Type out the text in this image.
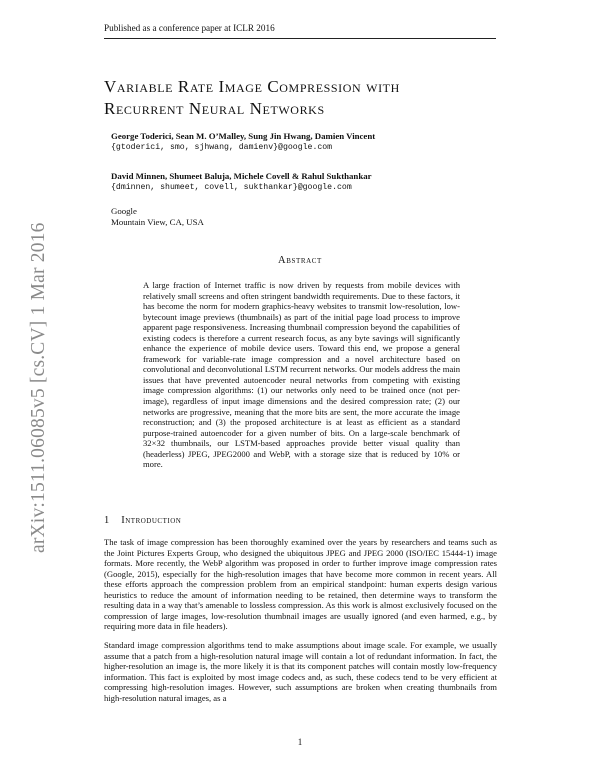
Published as a conference paper at ICLR 2016
arXiv:1511.06085v5 [cs.CV] 1 Mar 2016
Variable Rate Image Compression with
Recurrent Neural Networks
George Toderici, Sean M. O’Malley, Sung Jin Hwang, Damien Vincent
{gtoderici, smo, sjhwang, damienv}@google.com
David Minnen, Shumeet Baluja, Michele Covell & Rahul Sukthankar
{dminnen, shumeet, covell, sukthankar}@google.com
Google
Mountain View, CA, USA
Abstract
A large fraction of Internet traffic is now driven by requests from mobile devices with relatively small screens and often stringent bandwidth requirements. Due to these factors, it has become the norm for modern graphics-heavy websites to transmit low-resolution, low-bytecount image previews (thumbnails) as part of the initial page load process to improve apparent page responsiveness. Increasing thumbnail compression beyond the capabilities of existing codecs is therefore a current research focus, as any byte savings will significantly enhance the experience of mobile device users. Toward this end, we propose a general framework for variable-rate image compression and a novel architecture based on convolutional and deconvolutional LSTM recurrent networks. Our models address the main issues that have prevented autoencoder neural networks from competing with existing image compression algorithms: (1) our networks only need to be trained once (not per-image), regardless of input image dimensions and the desired compression rate; (2) our networks are progressive, meaning that the more bits are sent, the more accurate the image reconstruction; and (3) the proposed architecture is at least as efficient as a standard purpose-trained autoencoder for a given number of bits. On a large-scale benchmark of 32×32 thumbnails, our LSTM-based approaches provide better visual quality than (headerless) JPEG, JPEG2000 and WebP, with a storage size that is reduced by 10% or more.
1 Introduction
The task of image compression has been thoroughly examined over the years by researchers and teams such as the Joint Pictures Experts Group, who designed the ubiquitous JPEG and JPEG 2000 (ISO/IEC 15444-1) image formats. More recently, the WebP algorithm was proposed in order to further improve image compression rates (Google, 2015), especially for the high-resolution images that have become more common in recent years. All these efforts approach the compression problem from an empirical standpoint: human experts design various heuristics to reduce the amount of information needing to be retained, then determine ways to transform the resulting data in a way that’s amenable to lossless compression. As this work is almost exclusively focused on the compression of large images, low-resolution thumbnail images are usually ignored (and even harmed, e.g., by requiring more data in file headers).
Standard image compression algorithms tend to make assumptions about image scale. For example, we usually assume that a patch from a high-resolution natural image will contain a lot of redundant information. In fact, the higher-resolution an image is, the more likely it is that its component patches will contain mostly low-frequency information. This fact is exploited by most image codecs and, as such, these codecs tend to be very efficient at compressing high-resolution images. However, such assumptions are broken when creating thumbnails from high-resolution natural images, as a
1
